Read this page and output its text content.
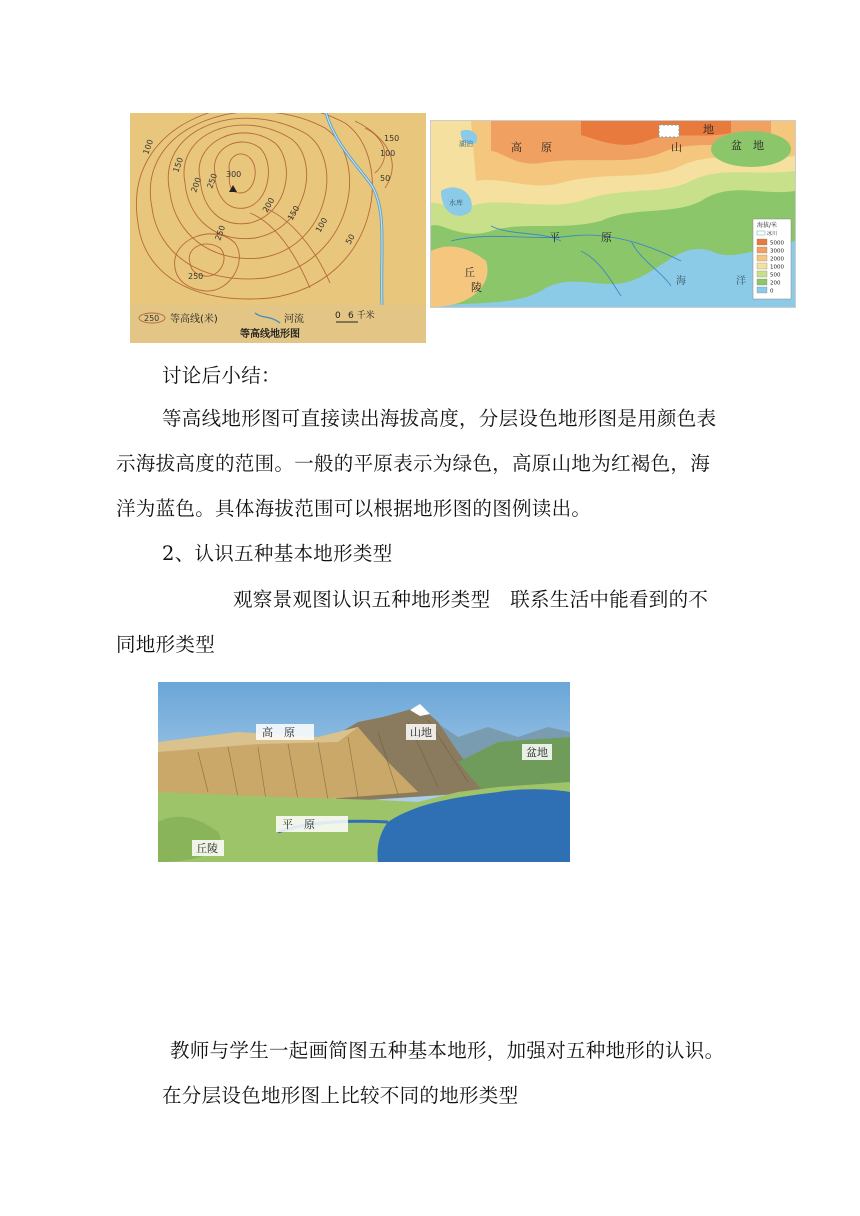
100
150
200 250 300
150
100
50
200 150
100
50
250
250
250 等高线(米)	河流	0 6 千米
等高线地形图
高 原	山
地
盆 地
平	原
丘
陵	海	洋
湖泊
水库
海拔/米
冰川
5000
3000
2000
1000
500
200
0
讨论后小结：
等高线地形图可直接读出海拔高度，分层设色地形图是用颜色表
示海拔高度的范围。一般的平原表示为绿色，高原山地为红褐色，海
洋为蓝色。具体海拔范围可以根据地形图的图例读出。
2、认识五种基本地形类型
观察景观图认识五种地形类型　联系生活中能看到的不
同地形类型
高　原	山地
盆地
平　原
丘陵
教师与学生一起画简图五种基本地形，加强对五种地形的认识。
在分层设色地形图上比较不同的地形类型
